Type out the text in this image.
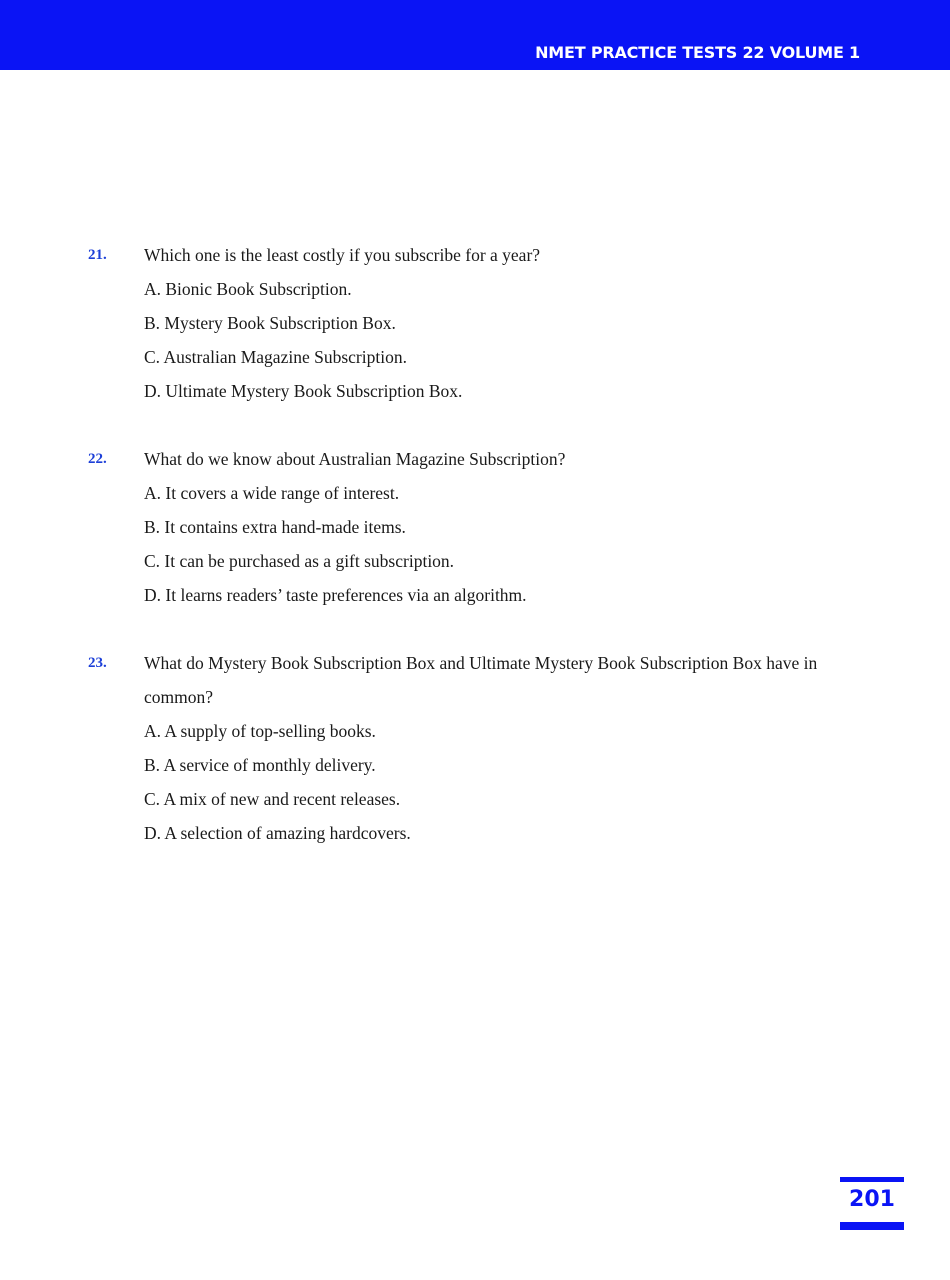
NMET PRACTICE TESTS 22 VOLUME 1
21.	Which one is the least costly if you subscribe for a year?
A. Bionic Book Subscription.
B. Mystery Book Subscription Box.
C. Australian Magazine Subscription.
D. Ultimate Mystery Book Subscription Box.
22.	What do we know about Australian Magazine Subscription?
A. It covers a wide range of interest.
B. It contains extra hand-made items.
C. It can be purchased as a gift subscription.
D. It learns readers’ taste preferences via an algorithm.
23.	What do Mystery Book Subscription Box and Ultimate Mystery Book Subscription Box have in common?
A. A supply of top-selling books.
B. A service of monthly delivery.
C. A mix of new and recent releases.
D. A selection of amazing hardcovers.
201
